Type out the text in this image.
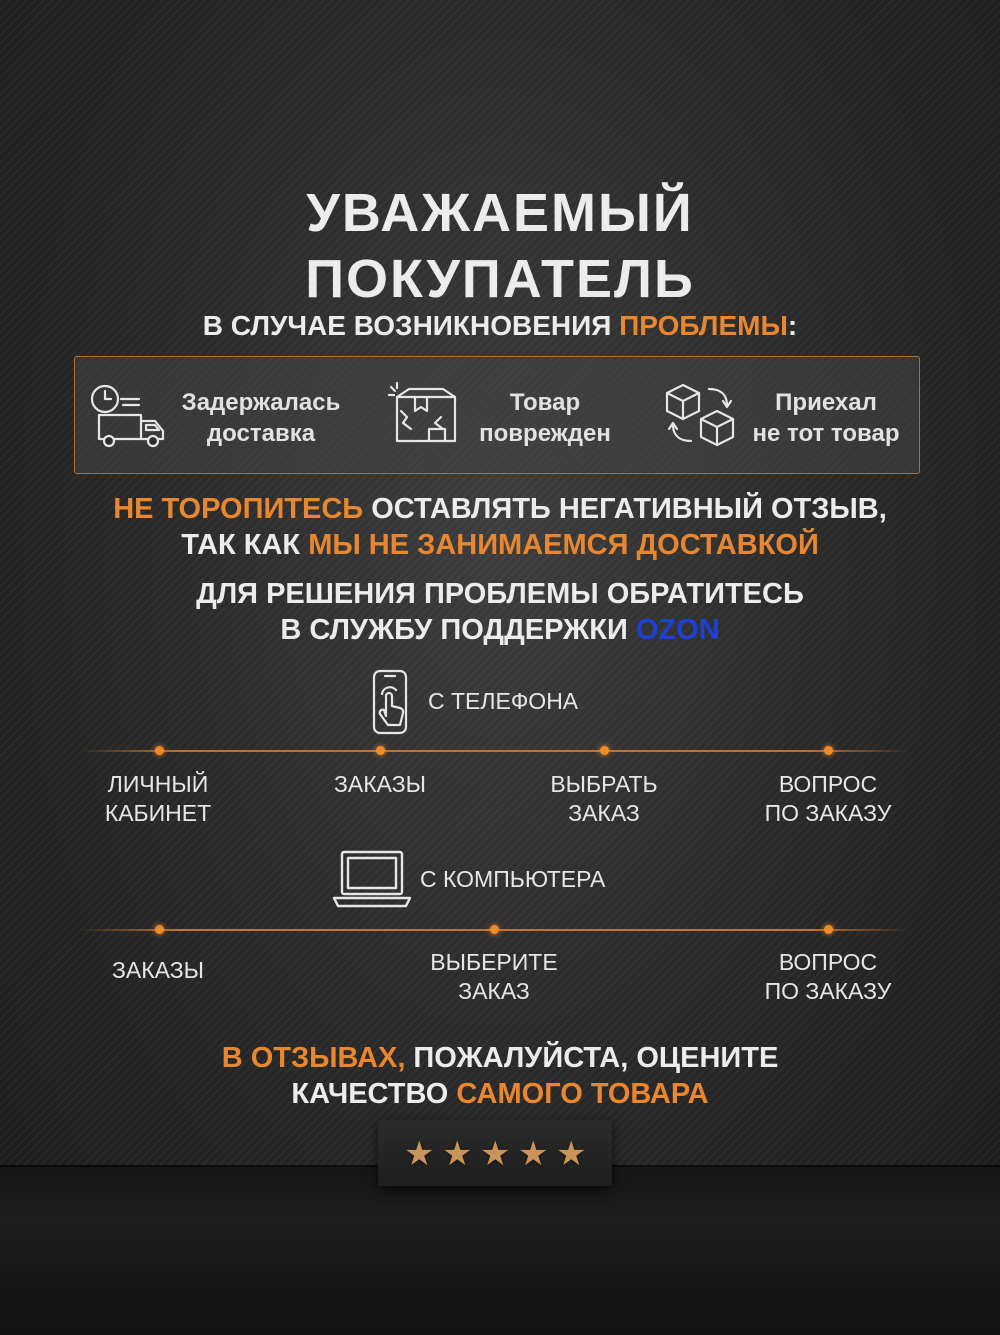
УВАЖАЕМЫЙ
ПОКУПАТЕЛЬ
В СЛУЧАЕ ВОЗНИКНОВЕНИЯ ПРОБЛЕМЫ:
Задержалась
доставка
Товар
поврежден
Приехал
не тот товар
НЕ ТОРОПИТЕСЬ ОСТАВЛЯТЬ НЕГАТИВНЫЙ ОТЗЫВ,
ТАК КАК МЫ НЕ ЗАНИМАЕМСЯ ДОСТАВКОЙ
ДЛЯ РЕШЕНИЯ ПРОБЛЕМЫ ОБРАТИТЕСЬ
В СЛУЖБУ ПОДДЕРЖКИ OZON
С ТЕЛЕФОНА
ЛИЧНЫЙ
КАБИНЕТ
ЗАКАЗЫ	ВЫБРАТЬ
ЗАКАЗ
ВОПРОС
ПО ЗАКАЗУ
С КОМПЬЮТЕРА
ЗАКАЗЫ	ВЫБЕРИТЕ
ЗАКАЗ
ВОПРОС
ПО ЗАКАЗУ
В ОТЗЫВАХ, ПОЖАЛУЙСТА, ОЦЕНИТЕ
КАЧЕСТВО САМОГО ТОВАРА
★ ★ ★ ★ ★
